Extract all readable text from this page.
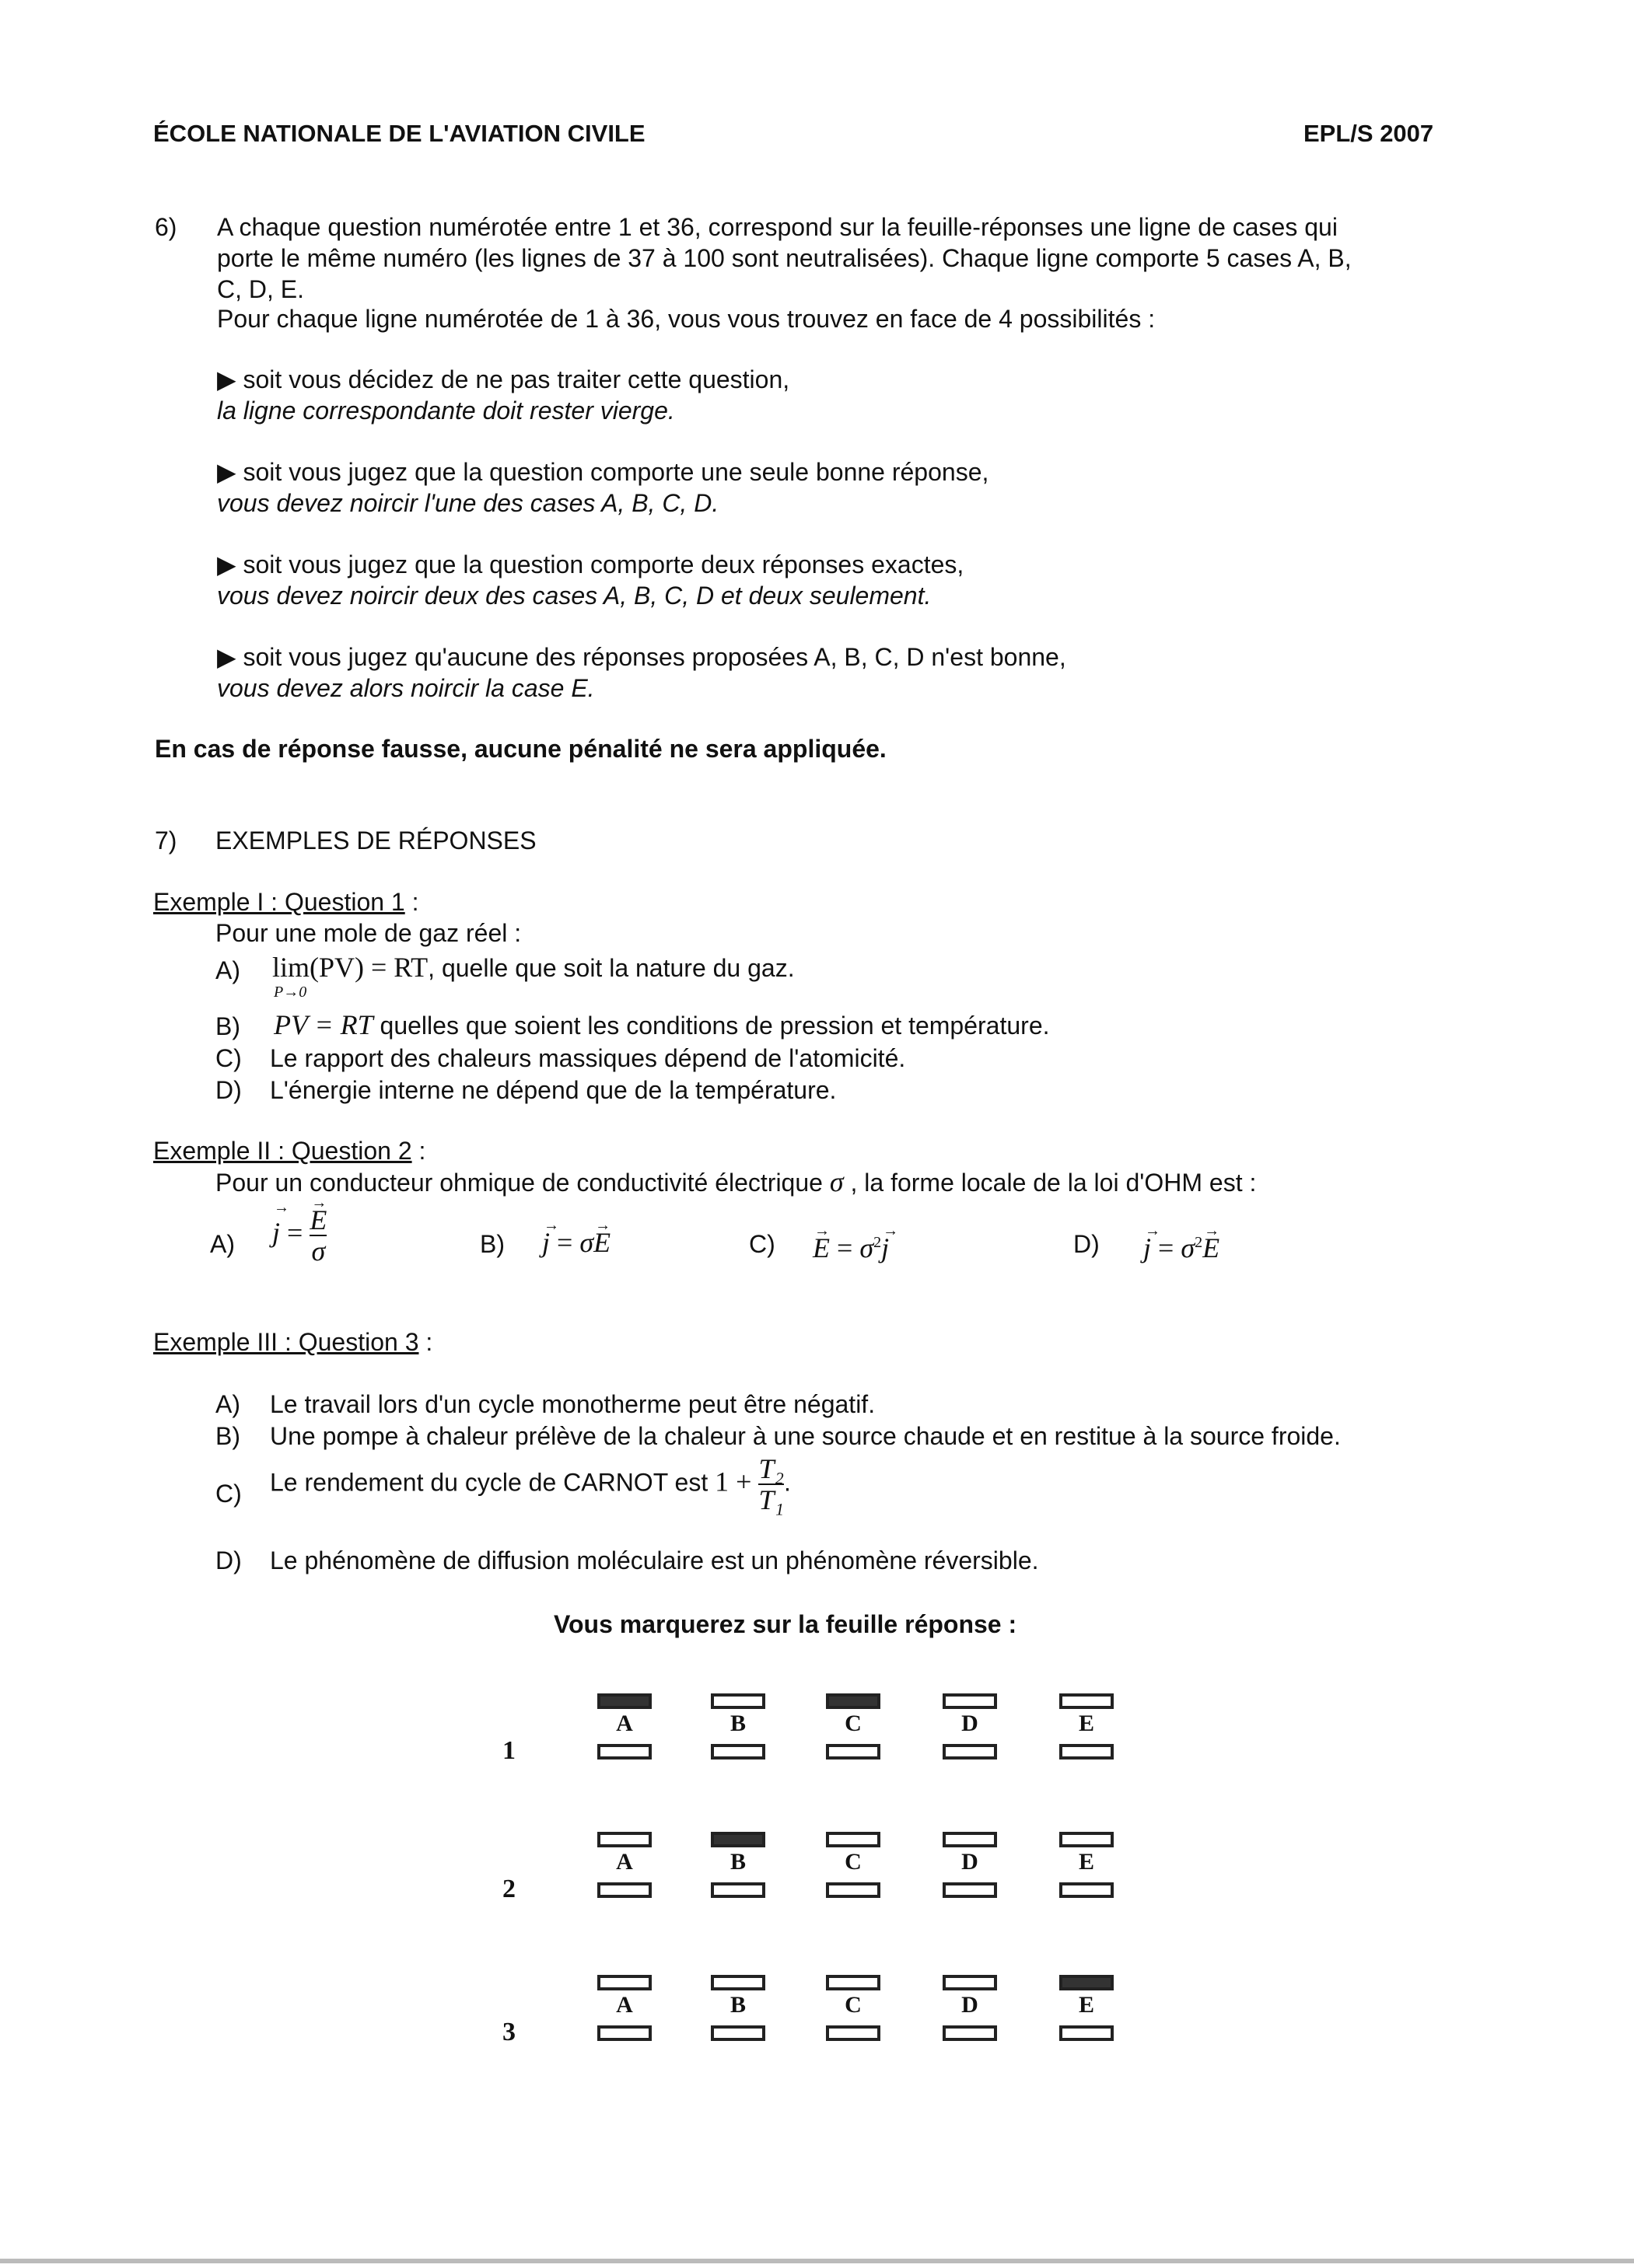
ÉCOLE NATIONALE DE L'AVIATION CIVILE	EPL/S 2007
6) A chaque question numérotée entre 1 et 36, correspond sur la feuille-réponses une ligne de cases qui
porte le même numéro (les lignes de 37 à 100 sont neutralisées). Chaque ligne comporte 5 cases A, B,
C, D, E.
Pour chaque ligne numérotée de 1 à 36, vous vous trouvez en face de 4 possibilités :
▶ soit vous décidez de ne pas traiter cette question,
la ligne correspondante doit rester vierge.
▶ soit vous jugez que la question comporte une seule bonne réponse,
vous devez noircir l'une des cases A, B, C, D.
▶ soit vous jugez que la question comporte deux réponses exactes,
vous devez noircir deux des cases A, B, C, D et deux seulement.
▶ soit vous jugez qu'aucune des réponses proposées A, B, C, D n'est bonne,
vous devez alors noircir la case E.
En cas de réponse fausse, aucune pénalité ne sera appliquée.
7) EXEMPLES DE RÉPONSES
Exemple I : Question 1 :
Pour une mole de gaz réel :
A) lim(PV) = RT, quelle que soit la nature du gaz.
P→0
B) PV = RT quelles que soient les conditions de pression et température.
C) Le rapport des chaleurs massiques dépend de l'atomicité.
D) L'énergie interne ne dépend que de la température.
Exemple II : Question 2 :
Pour un conducteur ohmique de conductivité électrique σ , la forme locale de la loi d'OHM est :
A) → j = → $\frac{E}{\sigma}$	B) → j = σ→ E	$C) \to E = \sigma^2\to j$	$D) \to j = \sigma^2\to E$
Exemple III : Question 3 :
A) Le travail lors d'un cycle monotherme peut être négatif.
B) Une pompe à chaleur prélève de la chaleur à une source chaude et en restitue à la source froide.
C) Le rendement du cycle de CARNOT est $1 + \frac{\text{T₂}}{\text{T₁}}$ .
D) Le phénomène de diffusion moléculaire est un phénomène réversible.
Vous marquerez sur la feuille réponse :
1
A	B	C	D	E
2
A	B	C	D	E
3
A	B	C	D	E
